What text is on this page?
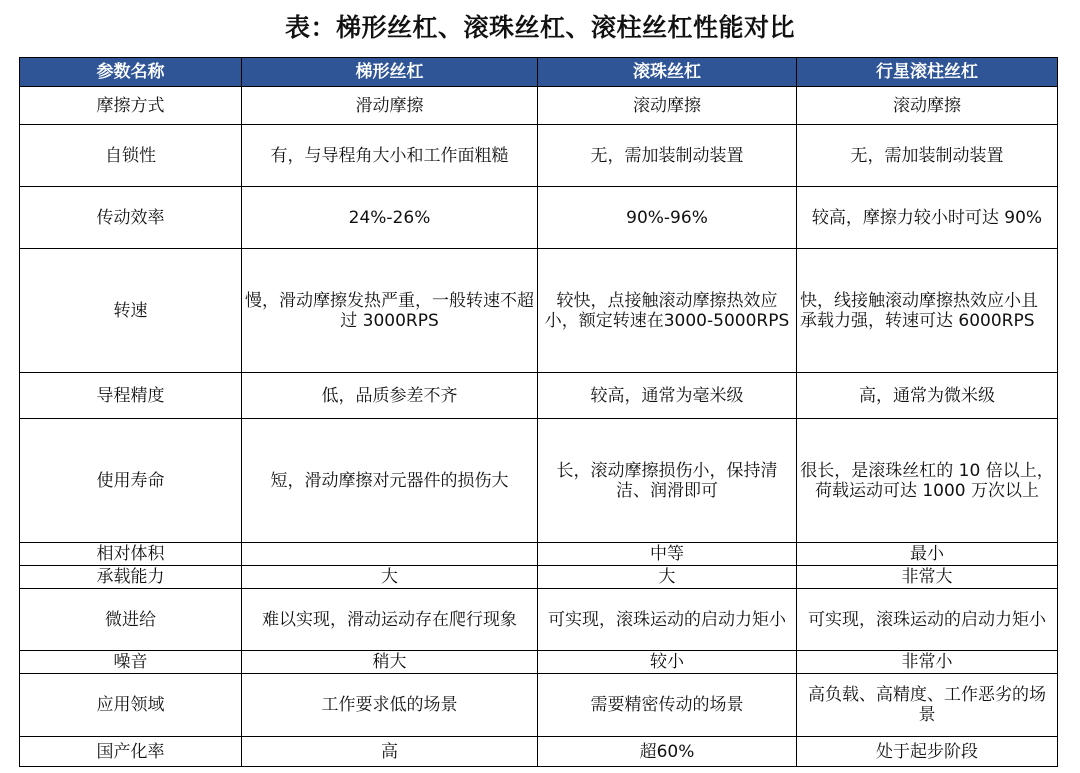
表：梯形丝杠、滚珠丝杠、滚柱丝杠性能对比
参数名称	梯形丝杠	滚珠丝杠	行星滚柱丝杠
摩擦方式	滑动摩擦	滚动摩擦	滚动摩擦
自锁性	有，与导程角大小和工作面粗糙	无，需加装制动装置	无，需加装制动装置
传动效率	24%-26%	90%-96%	较高，摩擦力较小时可达 90%
转速	慢，滑动摩擦发热严重，一般转速不超过 3000RPS	较快，点接触滚动摩擦热效应小，额定转速在3000-5000RPS	快，线接触滚动摩擦热效应小且承载力强，转速可达 6000RPS
导程精度	低，品质参差不齐	较高，通常为毫米级	高，通常为微米级
使用寿命	短，滑动摩擦对元器件的损伤大	长，滚动摩擦损伤小，保持清洁、润滑即可	很长，是滚珠丝杠的 10 倍以上，荷载运动可达 1000 万次以上
相对体积		中等	最小
承载能力	大	大	非常大
微进给	难以实现，滑动运动存在爬行现象	可实现，滚珠运动的启动力矩小	可实现，滚珠运动的启动力矩小
噪音	稍大	较小	非常小
应用领域	工作要求低的场景	需要精密传动的场景	高负载、高精度、工作恶劣的场景
国产化率	高	超60%	处于起步阶段
